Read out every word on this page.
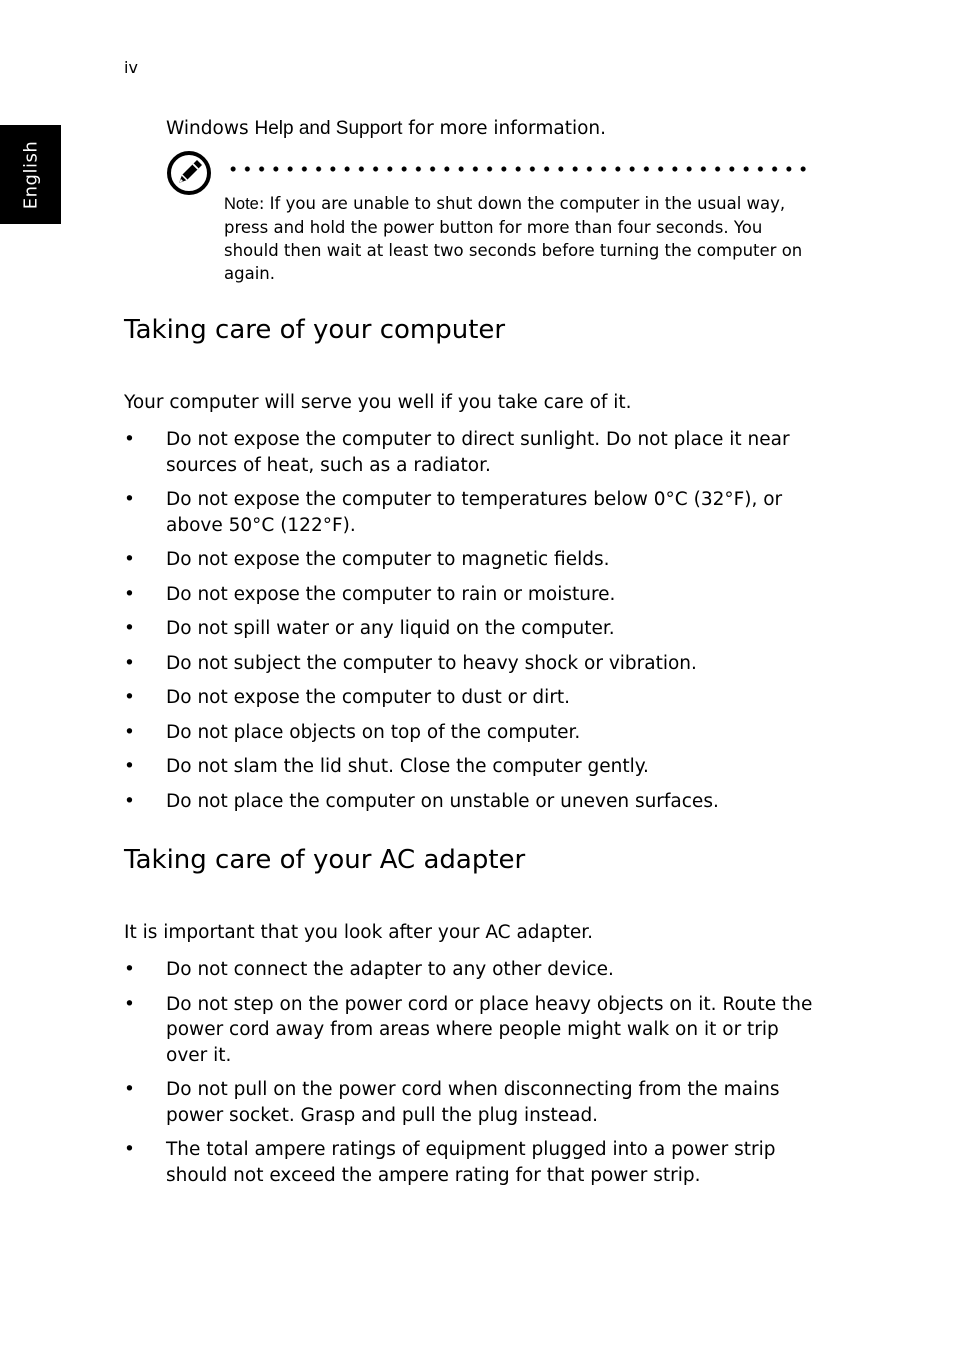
iv
English
Windows Help and Support for more information.
Note: If you are unable to shut down the computer in the usual way, press and hold the power button for more than four seconds. You should then wait at least two seconds before turning the computer on again.
Taking care of your computer
Your computer will serve you well if you take care of it.
• Do not expose the computer to direct sunlight. Do not place it near sources of heat, such as a radiator.
• Do not expose the computer to temperatures below 0°C (32°F), or above 50°C (122°F).
• Do not expose the computer to magnetic fields.
• Do not expose the computer to rain or moisture.
• Do not spill water or any liquid on the computer.
• Do not subject the computer to heavy shock or vibration.
• Do not expose the computer to dust or dirt.
• Do not place objects on top of the computer.
• Do not slam the lid shut. Close the computer gently.
• Do not place the computer on unstable or uneven surfaces.
Taking care of your AC adapter
It is important that you look after your AC adapter.
• Do not connect the adapter to any other device.
• Do not step on the power cord or place heavy objects on it. Route the power cord away from areas where people might walk on it or trip over it.
• Do not pull on the power cord when disconnecting from the mains power socket. Grasp and pull the plug instead.
• The total ampere ratings of equipment plugged into a power strip should not exceed the ampere rating for that power strip.
